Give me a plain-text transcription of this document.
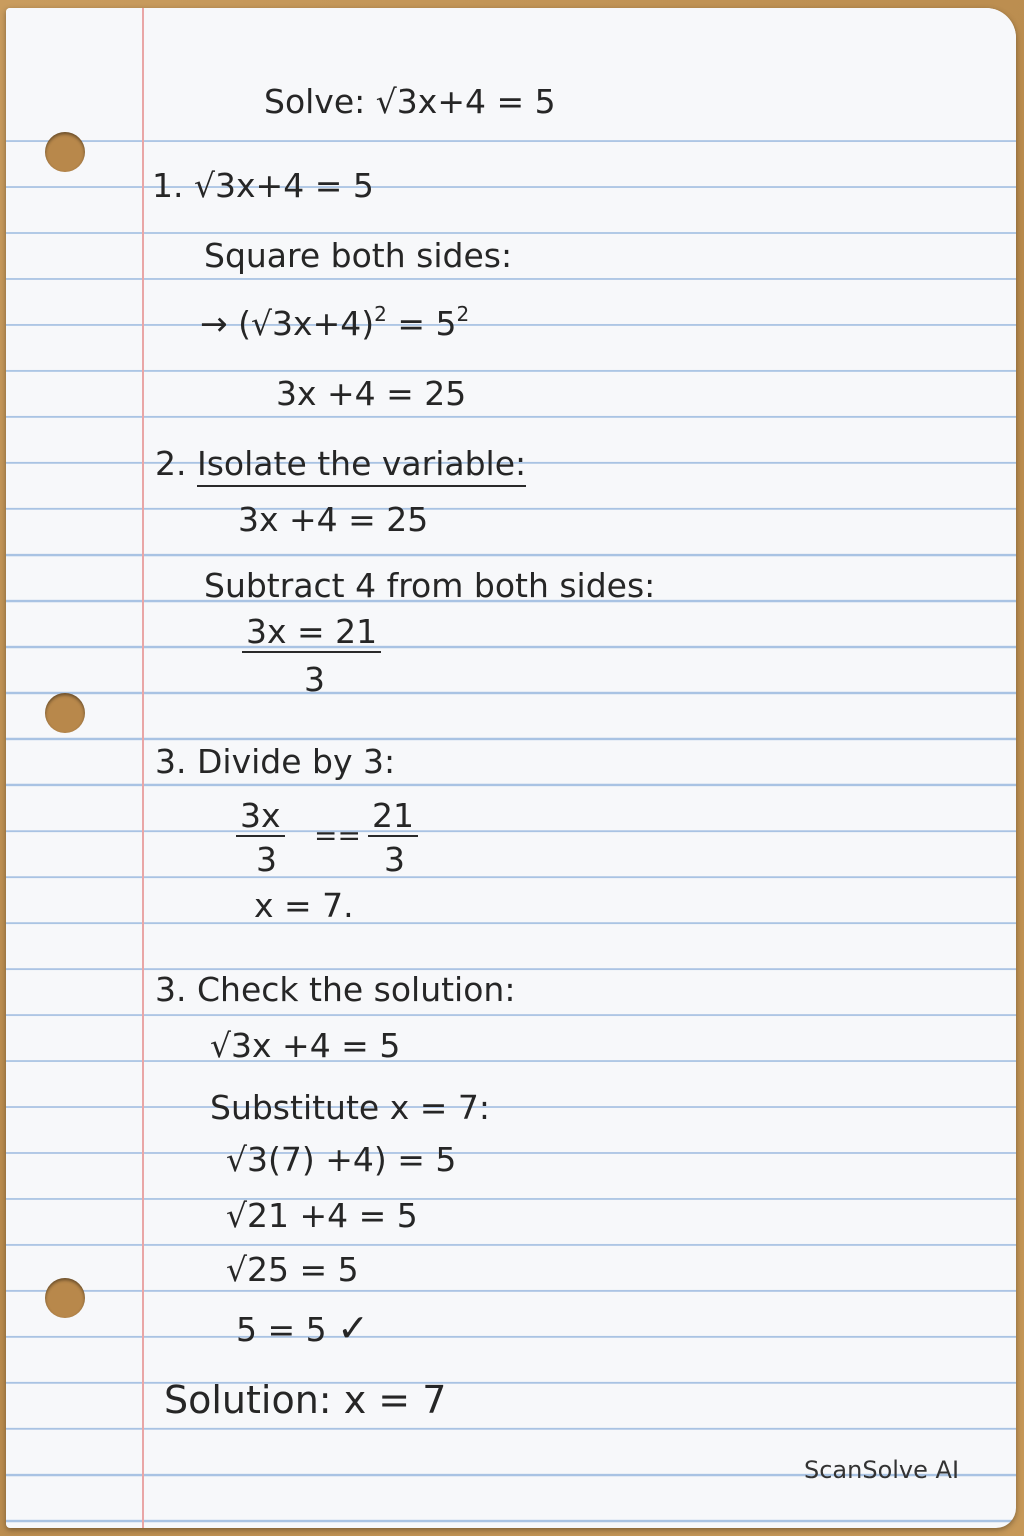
Solve: √3x+4 = 5
1. √3x+4 = 5
Square both sides:
→ $(√3x+4)^2 = 5^2$
3x +4 = 25
2. Isolate the variable:
3x +4 = 25
Subtract 4 from both sides:
3x = 21
3
3. Divide by 3:
3x
3
==
21
3
x = 7.
3. Check the solution:
√3x +4 = 5
Substitute x = 7:
√3(7) +4) = 5
√21 +4 = 5
√25 = 5
5 = 5 ✓
Solution: x = 7
ScanSolve AI
